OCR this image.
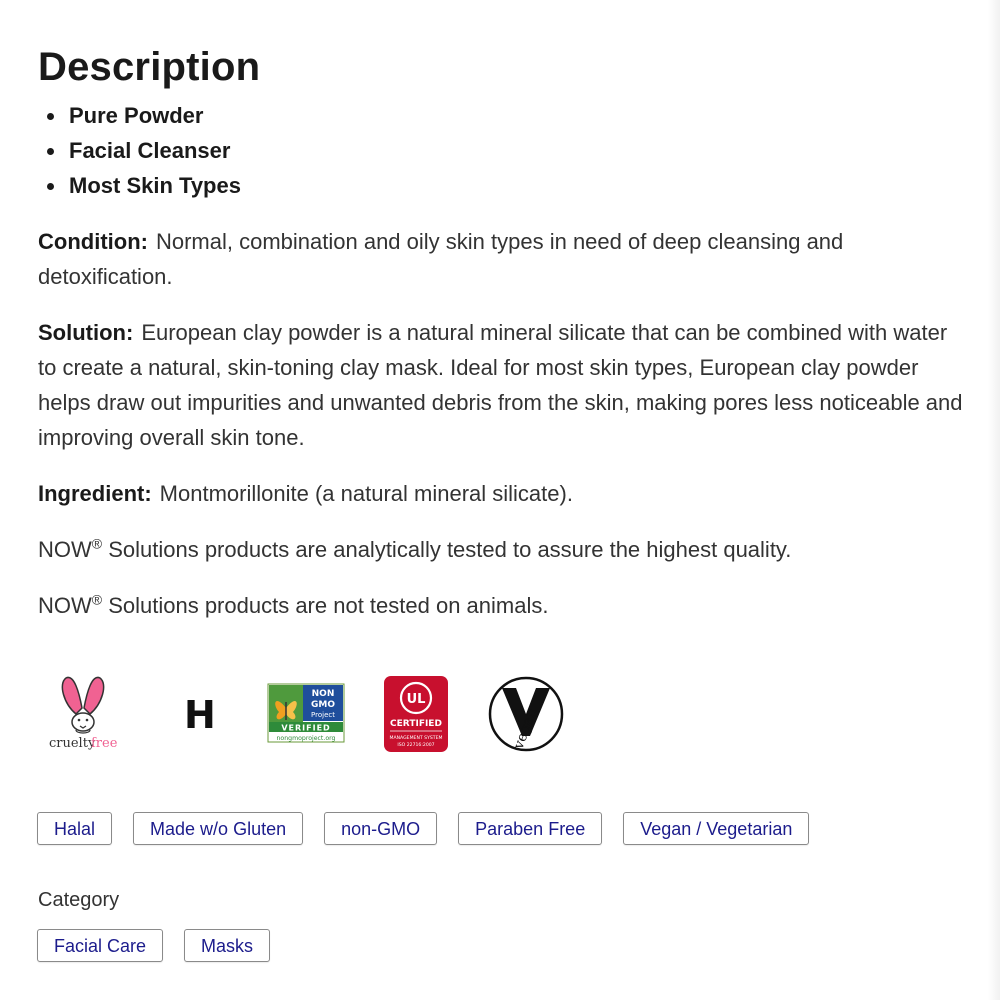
Description
Pure Powder
Facial Cleanser
Most Skin Types

Condition: Normal, combination and oily skin types in need of deep cleansing and detoxification.

Solution: European clay powder is a natural mineral silicate that can be combined with water to create a natural, skin-toning clay mask. Ideal for most skin types, European clay powder helps draw out impurities and unwanted debris from the skin, making pores less noticeable and improving overall skin tone.

Ingredient: Montmorillonite (a natural mineral silicate).

NOW® Solutions products are analytically tested to assure the highest quality.

NOW® Solutions products are not tested on animals.

cruelty
free
H	NON
GMO
Project
VERIFIED
nongmoproject.org
UL
CERTIFIED
MANAGEMENT SYSTEM
ISO 22716:2007	vegan
Halal	Made w/o Gluten	non-GMO	Paraben Free	Vegan / Vegetarian
Category
Facial Care	Masks
